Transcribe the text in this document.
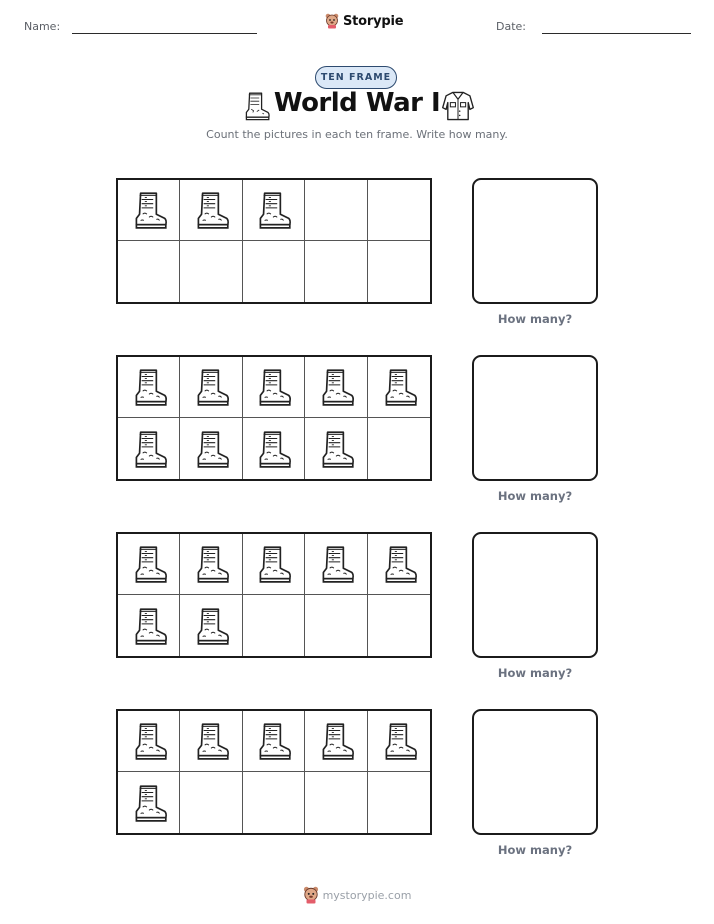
Name:	Storypie	Date:
TEN FRAME
World War I
Count the pictures in each ten frame. Write how many.
How many?
How many?
How many?
How many?
mystorypie.com
